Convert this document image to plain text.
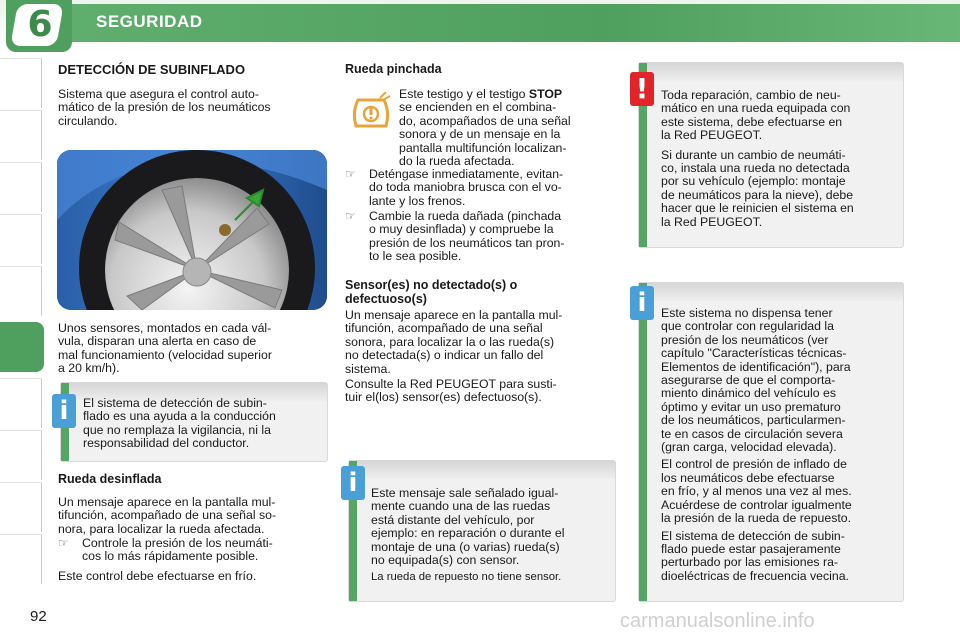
6	SEGURIDAD
DETECCIÓN DE SUBINFLADO
Sistema que asegura el control auto-
mático de la presión de los neumáticos
circulando.
Unos sensores, montados en cada vál-
vula, disparan una alerta en caso de
mal funcionamiento (velocidad superior
a 20 km/h).
El sistema de detección de subin-
flado es una ayuda a la conducción
que no remplaza la vigilancia, ni la
responsabilidad del conductor.
i
Rueda desinflada
Un mensaje aparece en la pantalla mul-
tifunción, acompañado de una señal so-
nora, para localizar la rueda afectada.
☞ Controle la presión de los neumáti-
cos lo más rápidamente posible.
Este control debe efectuarse en frío.
Rueda pinchada
Este testigo y el testigo STOP
se encienden en el combina-
do, acompañados de una señal
sonora y de un mensaje en la
pantalla multifunción localizan-
do la rueda afectada.
☞ Deténgase inmediatamente, evitan-
do toda maniobra brusca con el vo-
lante y los frenos.
☞ Cambie la rueda dañada (pinchada
o muy desinflada) y compruebe la
presión de los neumáticos tan pron-
to le sea posible.
Sensor(es) no detectado(s) o
defectuoso(s)
Un mensaje aparece en la pantalla mul-
tifunción, acompañado de una señal
sonora, para localizar la o las rueda(s)
no detectada(s) o indicar un fallo del
sistema.
Consulte la Red PEUGEOT para susti-
tuir el(los) sensor(es) defectuoso(s).
Este mensaje sale señalado igual-
mente cuando una de las ruedas
está distante del vehículo, por
ejemplo: en reparación o durante el
montaje de una (o varias) rueda(s)
no equipada(s) con sensor.
La rueda de repuesto no tiene sensor.
i
Toda reparación, cambio de neu-
mático en una rueda equipada con
este sistema, debe efectuarse en
la Red PEUGEOT.
Si durante un cambio de neumáti-
co, instala una rueda no detectada
por su vehículo (ejemplo: montaje
de neumáticos para la nieve), debe
hacer que le reinicien el sistema en
la Red PEUGEOT.
!
Este sistema no dispensa tener
que controlar con regularidad la
presión de los neumáticos (ver
capítulo "Características técnicas-
Elementos de identificación"), para
asegurarse de que el comporta-
miento dinámico del vehículo es
óptimo y evitar un uso prematuro
de los neumáticos, particularmen-
te en casos de circulación severa
(gran carga, velocidad elevada).
El control de presión de inflado de
los neumáticos debe efectuarse
en frío, y al menos una vez al mes.
Acuérdese de controlar igualmente
la presión de la rueda de repuesto.
El sistema de detección de subin-
flado puede estar pasajeramente
perturbado por las emisiones ra-
dioeléctricas de frecuencia vecina.
i
92	carmanualsonline.info
